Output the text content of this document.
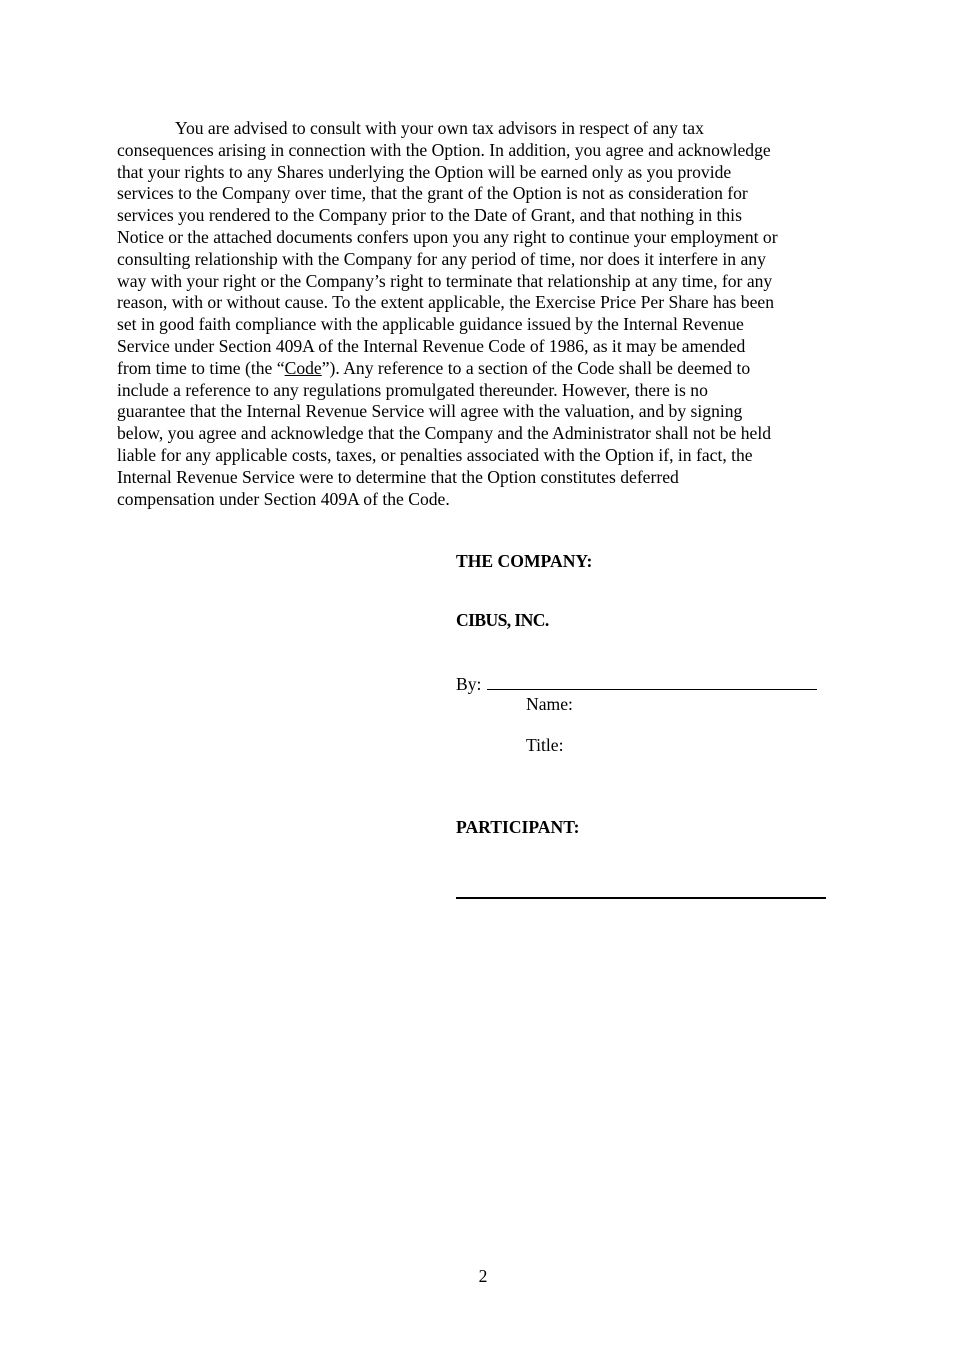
You are advised to consult with your own tax advisors in respect of any tax
consequences arising in connection with the Option. In addition, you agree and acknowledge
that your rights to any Shares underlying the Option will be earned only as you provide
services to the Company over time, that the grant of the Option is not as consideration for
services you rendered to the Company prior to the Date of Grant, and that nothing in this
Notice or the attached documents confers upon you any right to continue your employment or
consulting relationship with the Company for any period of time, nor does it interfere in any
way with your right or the Company’s right to terminate that relationship at any time, for any
reason, with or without cause. To the extent applicable, the Exercise Price Per Share has been
set in good faith compliance with the applicable guidance issued by the Internal Revenue
Service under Section 409A of the Internal Revenue Code of 1986, as it may be amended
from time to time (the “Code”). Any reference to a section of the Code shall be deemed to
include a reference to any regulations promulgated thereunder. However, there is no
guarantee that the Internal Revenue Service will agree with the valuation, and by signing
below, you agree and acknowledge that the Company and the Administrator shall not be held
liable for any applicable costs, taxes, or penalties associated with the Option if, in fact, the
Internal Revenue Service were to determine that the Option constitutes deferred
compensation under Section 409A of the Code.

THE COMPANY:
CIBUS, INC.
By:
Name:
Title:
PARTICIPANT:
2
